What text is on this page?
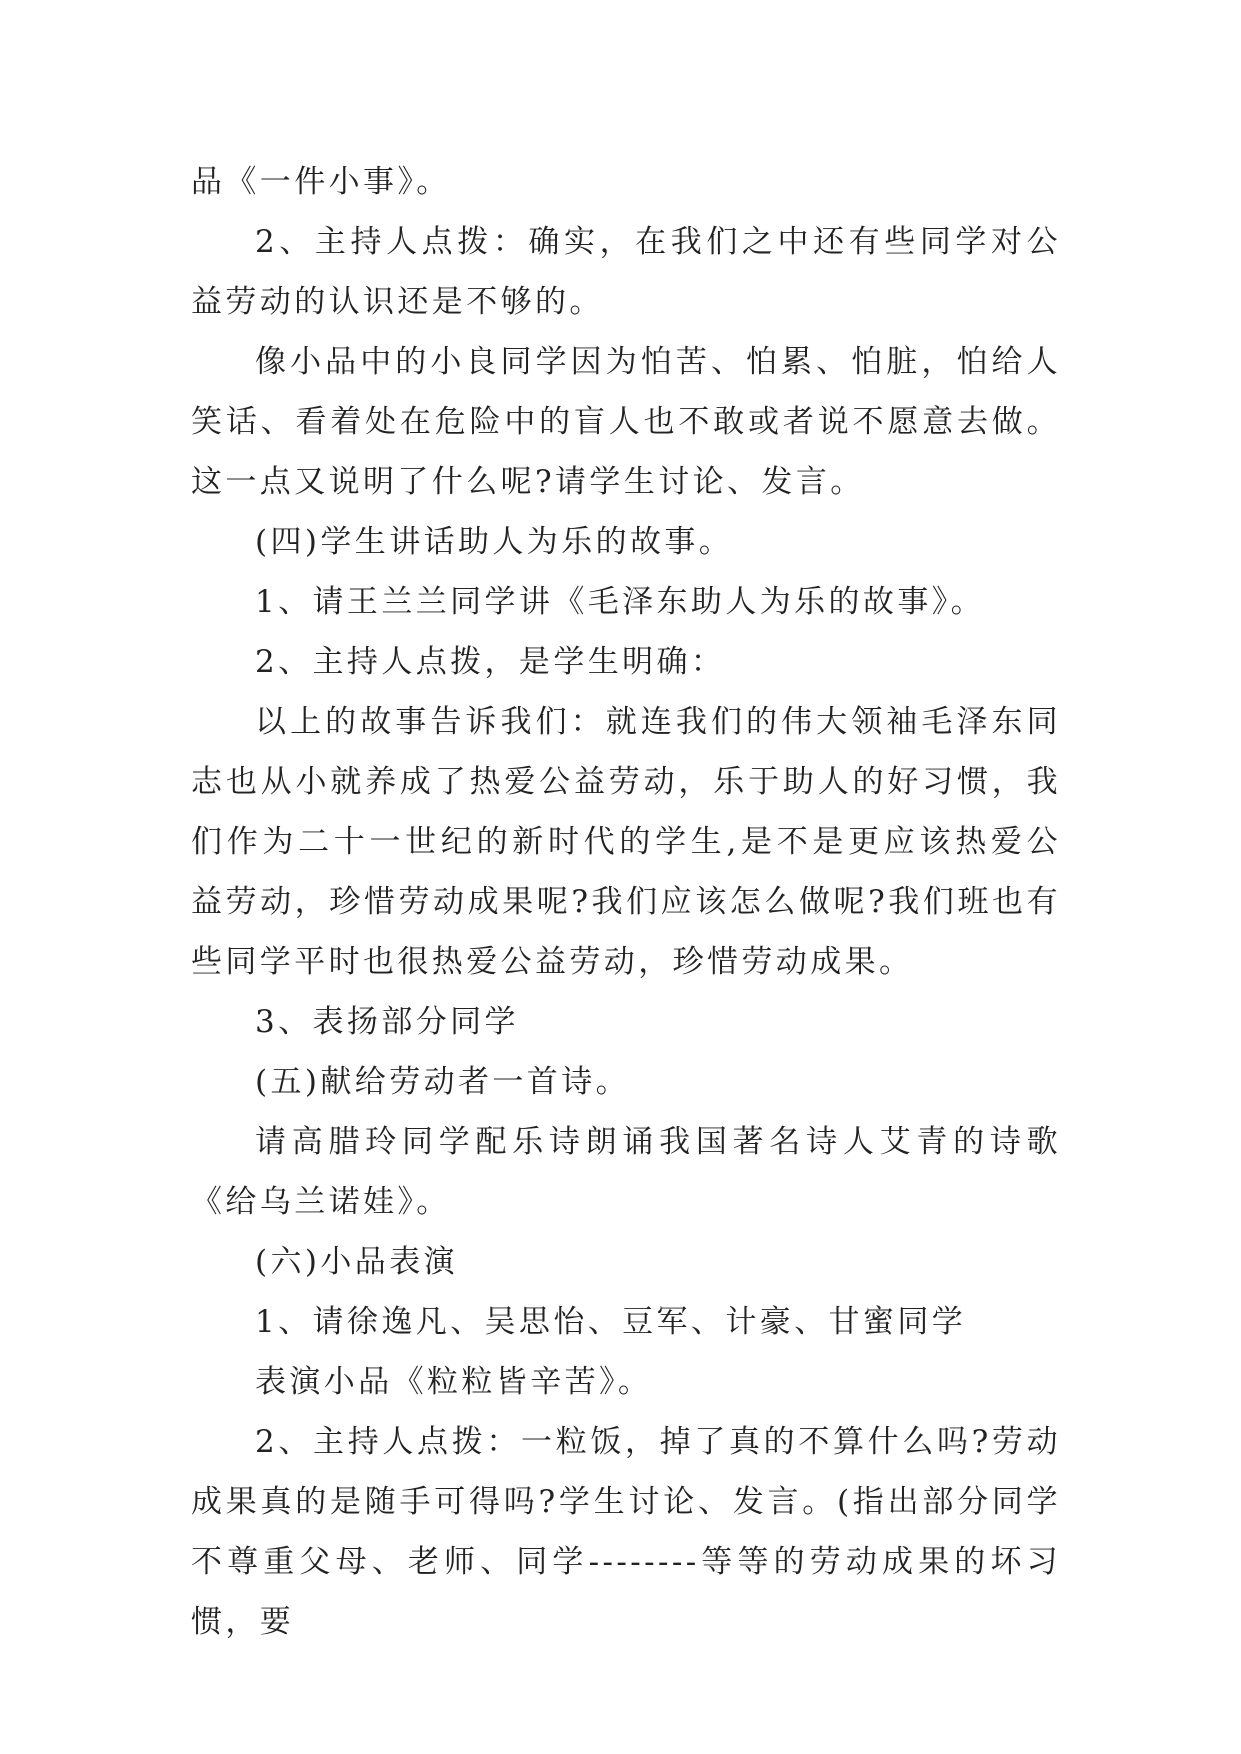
品《一件小事》。

2、主持人点拨：确实，在我们之中还有些同学对公益劳动的认识还是不够的。

像小品中的小良同学因为怕苦、怕累、怕脏，怕给人笑话、看着处在危险中的盲人也不敢或者说不愿意去做。这一点又说明了什么呢?请学生讨论、发言。

(四)学生讲话助人为乐的故事。

1、请王兰兰同学讲《毛泽东助人为乐的故事》。

2、主持人点拨，是学生明确：

以上的故事告诉我们：就连我们的伟大领袖毛泽东同志也从小就养成了热爱公益劳动，乐于助人的好习惯，我们作为二十一世纪的新时代的学生,是不是更应该热爱公益劳动，珍惜劳动成果呢?我们应该怎么做呢?我们班也有些同学平时也很热爱公益劳动，珍惜劳动成果。

3、表扬部分同学

(五)献给劳动者一首诗。

请高腊玲同学配乐诗朗诵我国著名诗人艾青的诗歌《给乌兰诺娃》。

(六)小品表演

1、请徐逸凡、吴思怡、豆军、计豪、甘蜜同学

表演小品《粒粒皆辛苦》。

2、主持人点拨：一粒饭，掉了真的不算什么吗?劳动成果真的是随手可得吗?学生讨论、发言。(指出部分同学不尊重父母、老师、同学--------等等的劳动成果的坏习惯，要
